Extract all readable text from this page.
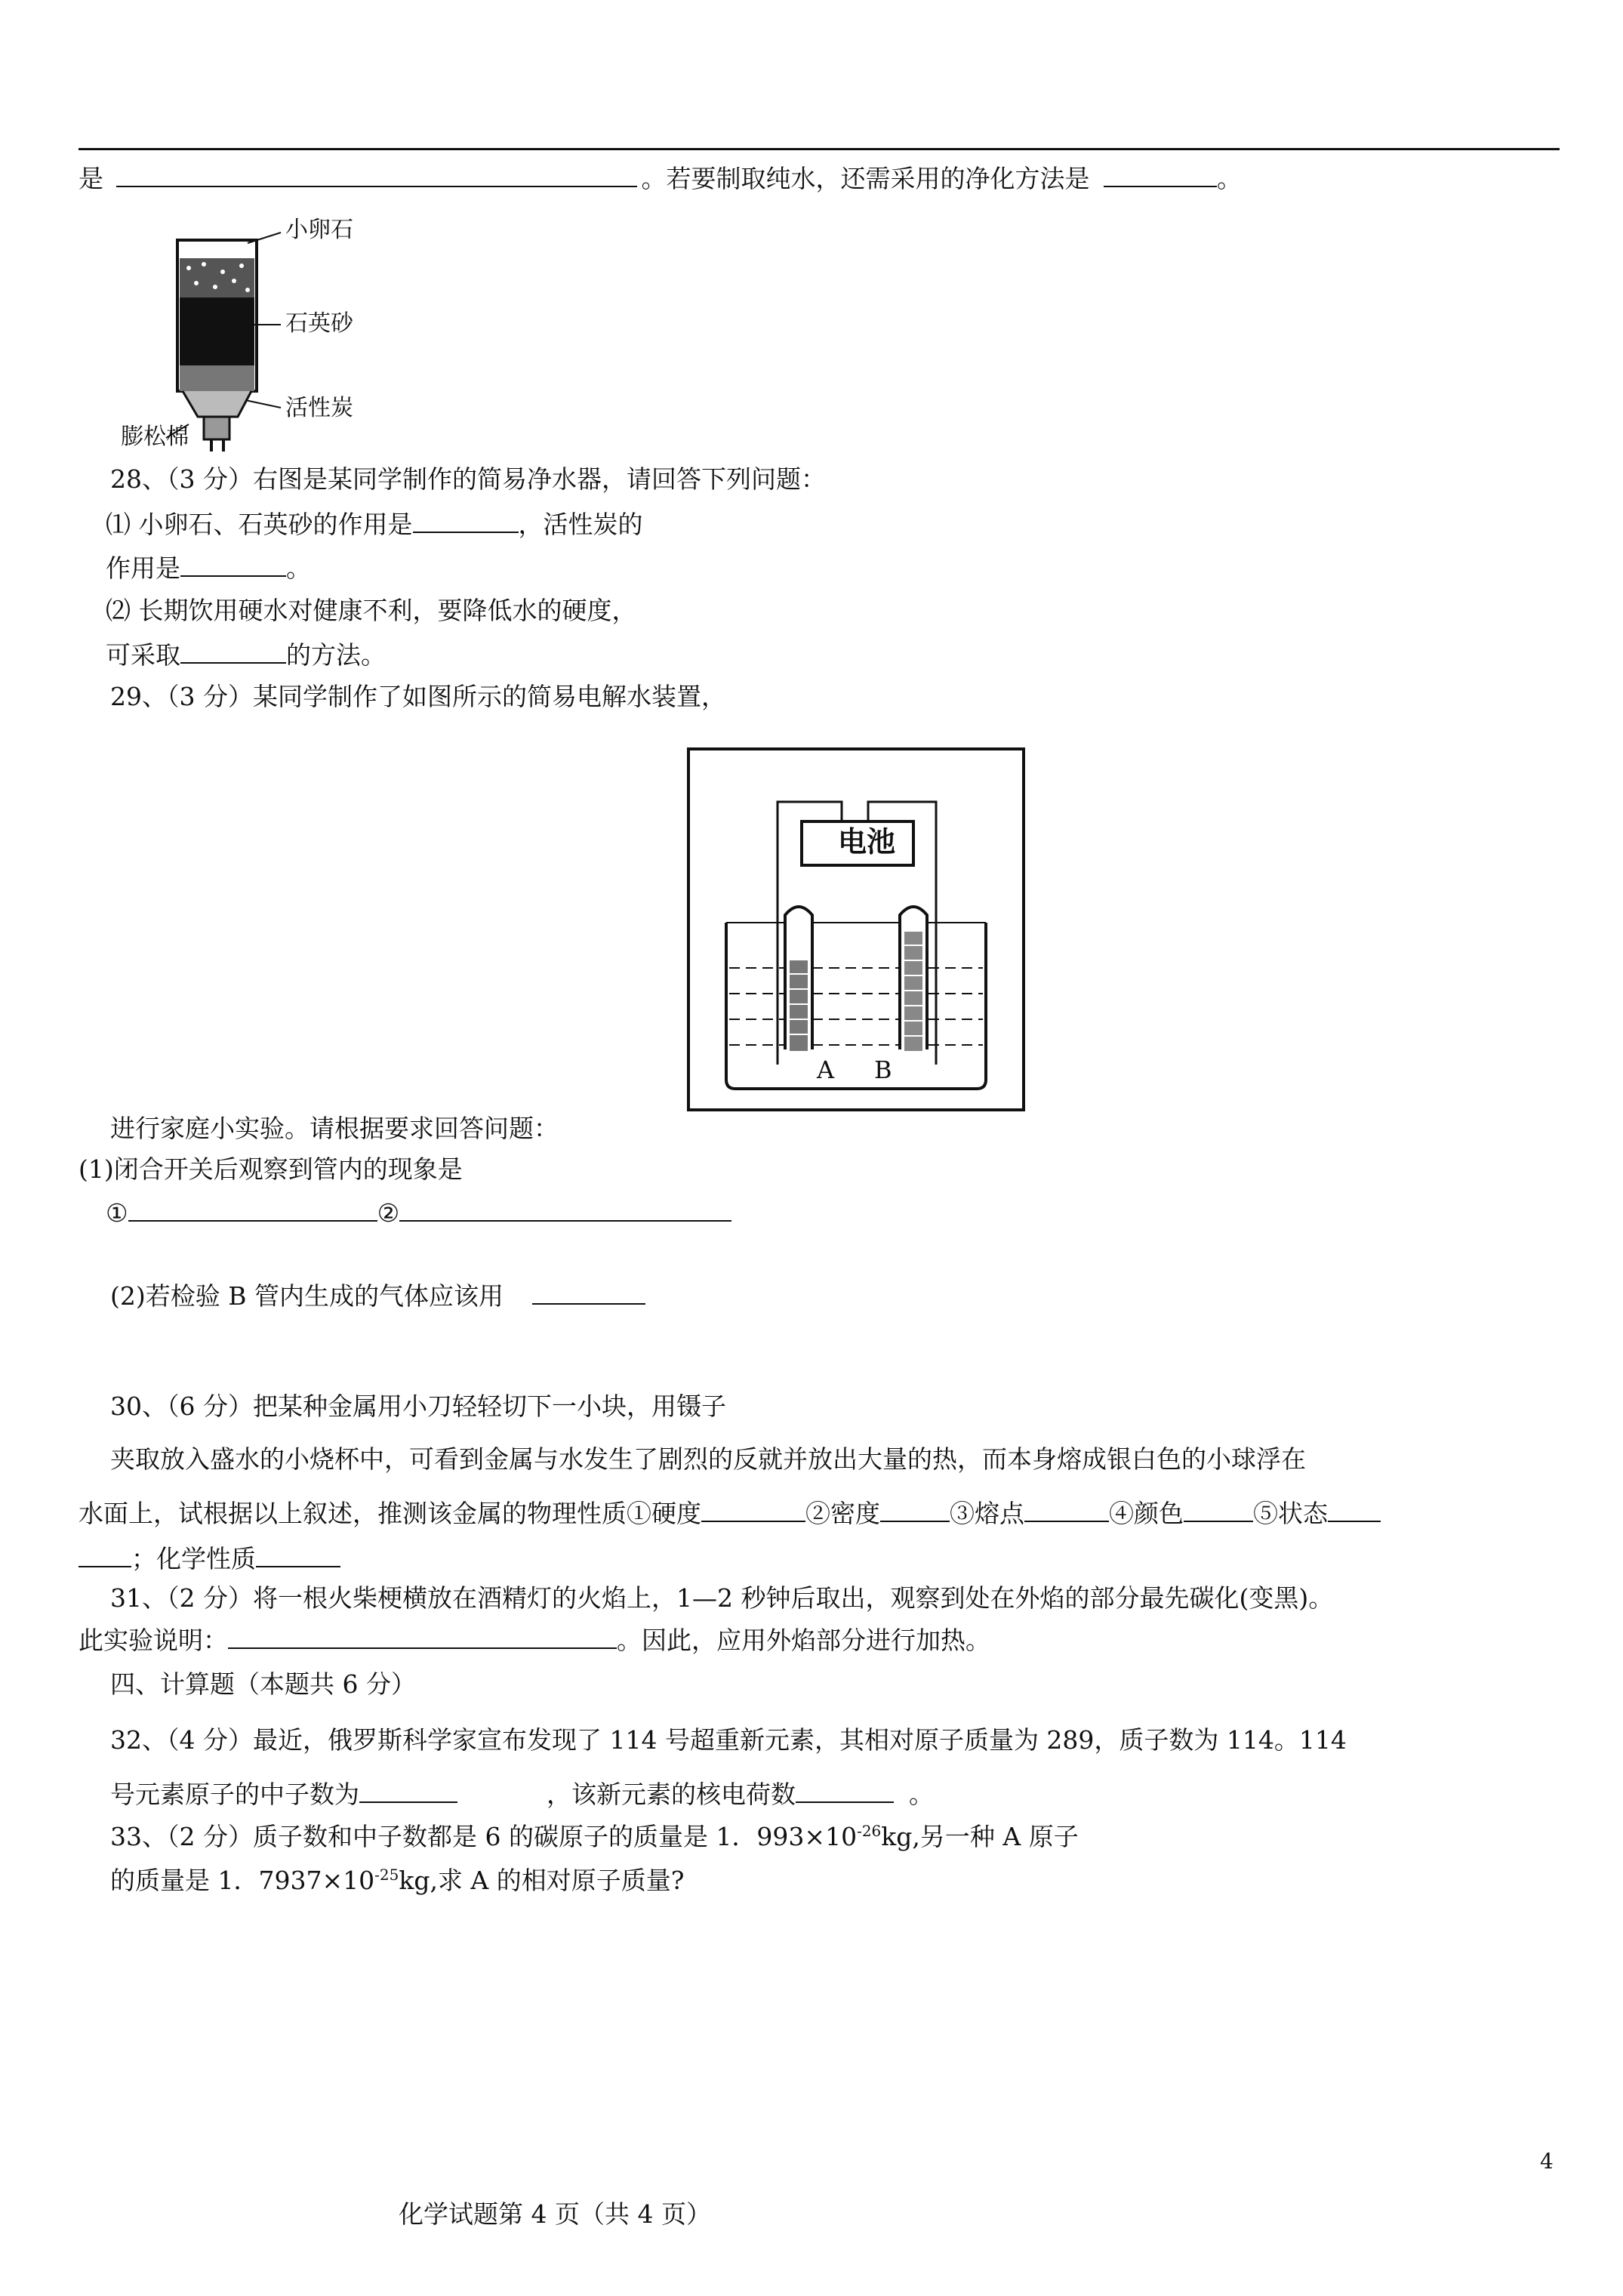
是	。若要制取纯水，还需采用的净化方法是	。
小卵石
石英砂
活性炭
膨松棉
28、（3 分）右图是某同学制作的简易净水器，请回答下列问题：
⑴ 小卵石、石英砂的作用是	，活性炭的
作用是	。
⑵ 长期饮用硬水对健康不利，要降低水的硬度，
可采取	的方法。
29、（3 分）某同学制作了如图所示的简易电解水装置，
电池
A B
进行家庭小实验。请根据要求回答问题：
(1)闭合开关后观察到管内的现象是
①	②
(2)若检验 B 管内生成的气体应该用
30、（6 分）把某种金属用小刀轻轻切下一小块，用镊子
夹取放入盛水的小烧杯中，可看到金属与水发生了剧烈的反就并放出大量的热，而本身熔成银白色的小球浮在
水面上，试根据以上叙述，推测该金属的物理性质①硬度	②密度	③熔点	④颜色	⑤状态
；化学性质
31、（2 分）将一根火柴梗横放在酒精灯的火焰上，1—2 秒钟后取出，观察到处在外焰的部分最先碳化(变黑)。
此实验说明：	。因此，应用外焰部分进行加热。
四、计算题（本题共 6 分）
32、（4 分）最近，俄罗斯科学家宣布发现了 114 号超重新元素，其相对原子质量为 289，质子数为 114。114
号元素原子的中子数为	，该新元素的核电荷数	。
33、（2 分）质子数和中子数都是 6 的碳原子的质量是 1．$993\times 10^{-26}kg$,另一种 A 原子
的质量是 1．$7937\times 10^{-25}kg$,求 A 的相对原子质量?
4
化学试题第 4 页（共 4 页）
